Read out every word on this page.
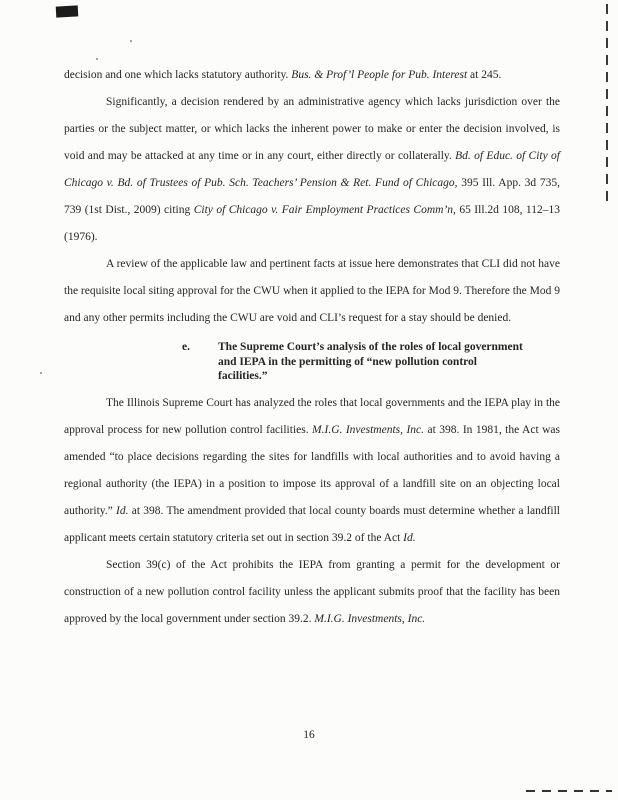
decision and one which lacks statutory authority. Bus. & Prof’l People for Pub. Interest at 245.
Significantly, a decision rendered by an administrative agency which lacks jurisdiction over the parties or the subject matter, or which lacks the inherent power to make or enter the decision involved, is void and may be attacked at any time or in any court, either directly or collaterally. Bd. of Educ. of City of Chicago v. Bd. of Trustees of Pub. Sch. Teachers’ Pension & Ret. Fund of Chicago, 395 Ill. App. 3d 735, 739 (1st Dist., 2009) citing City of Chicago v. Fair Employment Practices Comm’n, 65 Ill.2d 108, 112–13 (1976).
A review of the applicable law and pertinent facts at issue here demonstrates that CLI did not have the requisite local siting approval for the CWU when it applied to the IEPA for Mod 9. Therefore the Mod 9 and any other permits including the CWU are void and CLI’s request for a stay should be denied.
e.	The Supreme Court’s analysis of the roles of local government and IEPA in the permitting of “new pollution control facilities.”
The Illinois Supreme Court has analyzed the roles that local governments and the IEPA play in the approval process for new pollution control facilities. M.I.G. Investments, Inc. at 398. In 1981, the Act was amended “to place decisions regarding the sites for landfills with local authorities and to avoid having a regional authority (the IEPA) in a position to impose its approval of a landfill site on an objecting local authority.” Id. at 398. The amendment provided that local county boards must determine whether a landfill applicant meets certain statutory criteria set out in section 39.2 of the Act Id.
Section 39(c) of the Act prohibits the IEPA from granting a permit for the development or construction of a new pollution control facility unless the applicant submits proof that the facility has been approved by the local government under section 39.2. M.I.G. Investments, Inc.
16
